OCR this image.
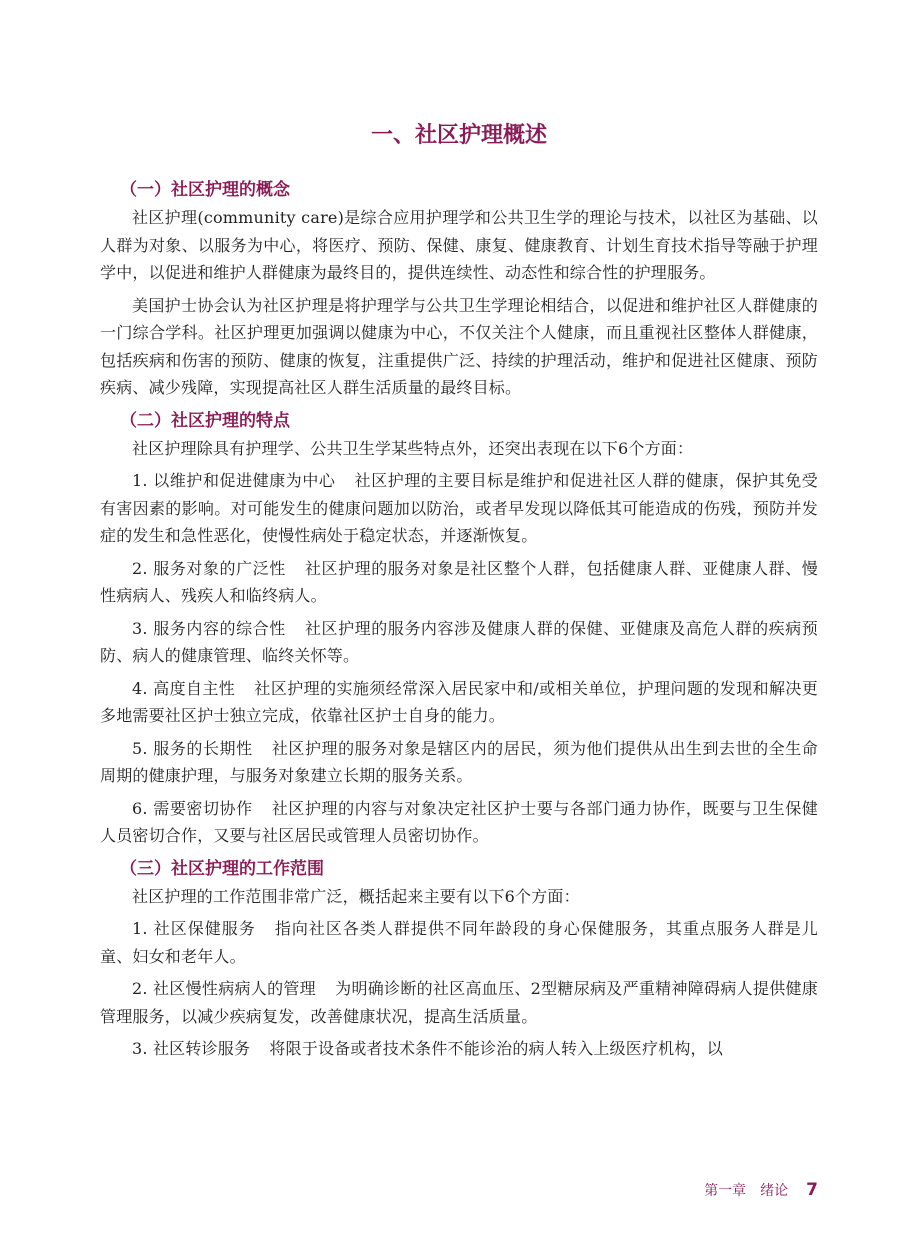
一、社区护理概述
（一）社区护理的概念

社区护理(community care)是综合应用护理学和公共卫生学的理论与技术，以社区为基础、以人群为对象、以服务为中心，将医疗、预防、保健、康复、健康教育、计划生育技术指导等融于护理学中，以促进和维护人群健康为最终目的，提供连续性、动态性和综合性的护理服务。

美国护士协会认为社区护理是将护理学与公共卫生学理论相结合，以促进和维护社区人群健康的一门综合学科。社区护理更加强调以健康为中心，不仅关注个人健康，而且重视社区整体人群健康，包括疾病和伤害的预防、健康的恢复，注重提供广泛、持续的护理活动，维护和促进社区健康、预防疾病、减少残障，实现提高社区人群生活质量的最终目标。

（二）社区护理的特点

社区护理除具有护理学、公共卫生学某些特点外，还突出表现在以下6个方面：

1. 以维护和促进健康为中心 社区护理的主要目标是维护和促进社区人群的健康，保护其免受有害因素的影响。对可能发生的健康问题加以防治，或者早发现以降低其可能造成的伤残，预防并发症的发生和急性恶化，使慢性病处于稳定状态，并逐渐恢复。

2. 服务对象的广泛性 社区护理的服务对象是社区整个人群，包括健康人群、亚健康人群、慢性病病人、残疾人和临终病人。

3. 服务内容的综合性 社区护理的服务内容涉及健康人群的保健、亚健康及高危人群的疾病预防、病人的健康管理、临终关怀等。

4. 高度自主性 社区护理的实施须经常深入居民家中和/或相关单位，护理问题的发现和解决更多地需要社区护士独立完成，依靠社区护士自身的能力。

5. 服务的长期性 社区护理的服务对象是辖区内的居民，须为他们提供从出生到去世的全生命周期的健康护理，与服务对象建立长期的服务关系。

6. 需要密切协作 社区护理的内容与对象决定社区护士要与各部门通力协作，既要与卫生保健人员密切合作，又要与社区居民或管理人员密切协作。

（三）社区护理的工作范围

社区护理的工作范围非常广泛，概括起来主要有以下6个方面：

1. 社区保健服务 指向社区各类人群提供不同年龄段的身心保健服务，其重点服务人群是儿童、妇女和老年人。

2. 社区慢性病病人的管理 为明确诊断的社区高血压、2型糖尿病及严重精神障碍病人提供健康管理服务，以减少疾病复发，改善健康状况，提高生活质量。

3. 社区转诊服务 将限于设备或者技术条件不能诊治的病人转入上级医疗机构，以

第一章　绪论 7
